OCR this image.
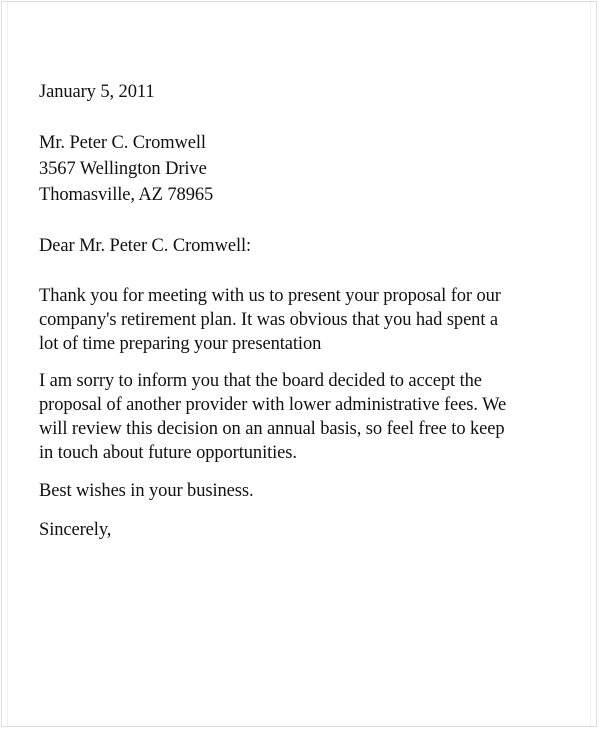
January 5, 2011
Mr. Peter C. Cromwell
3567 Wellington Drive
Thomasville, AZ 78965
Dear Mr. Peter C. Cromwell:
Thank you for meeting with us to present your proposal for our
company's retirement plan. It was obvious that you had spent a
lot of time preparing your presentation
I am sorry to inform you that the board decided to accept the
proposal of another provider with lower administrative fees. We
will review this decision on an annual basis, so feel free to keep
in touch about future opportunities.
Best wishes in your business.
Sincerely,
